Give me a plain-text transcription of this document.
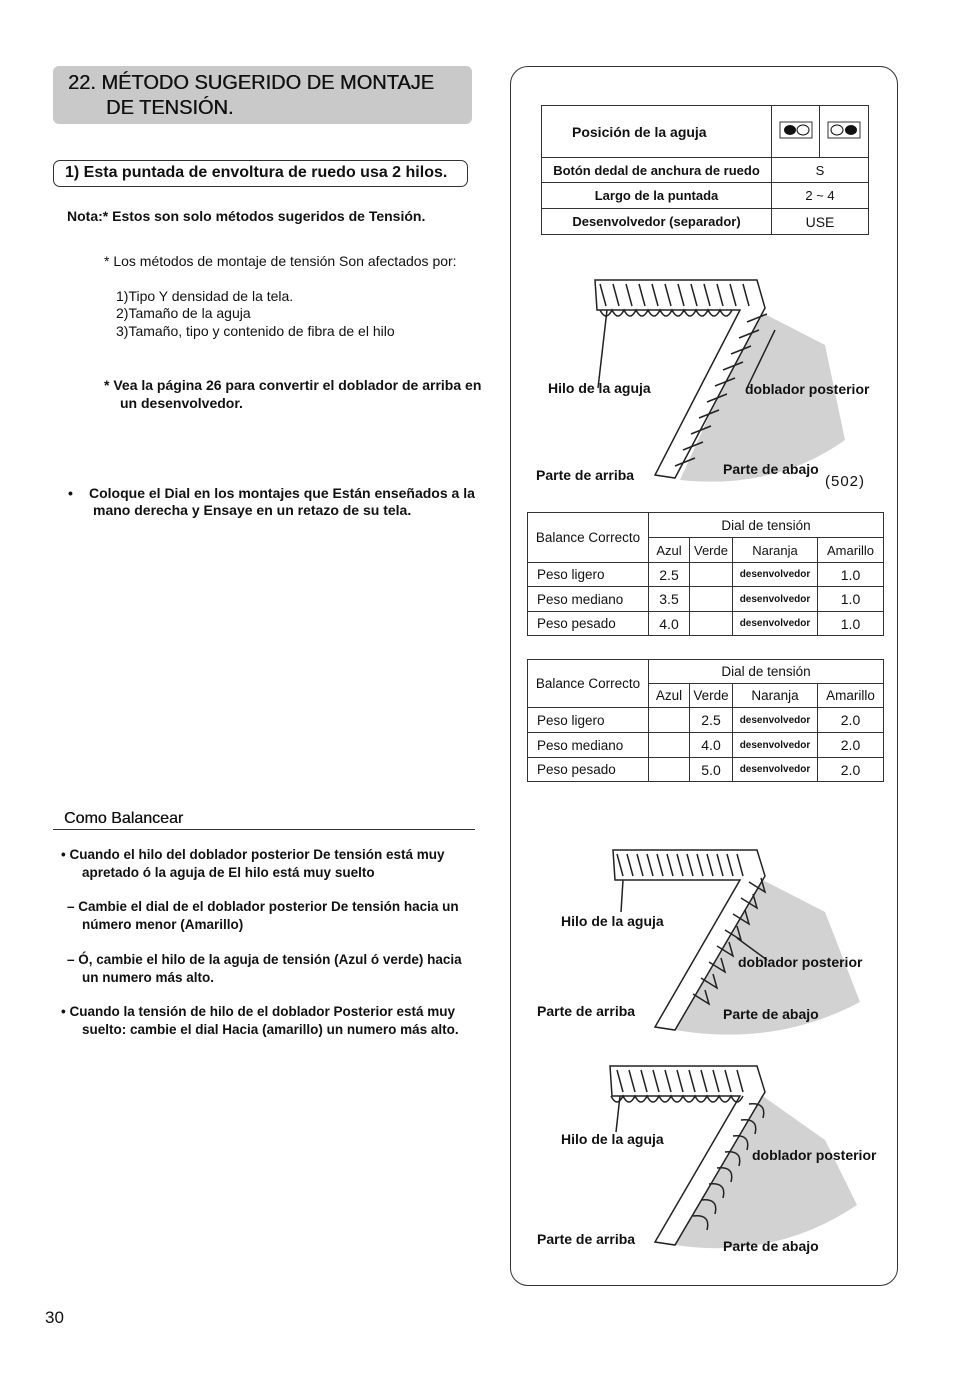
22. MÉTODO SUGERIDO DE MONTAJE
DE TENSIÓN.
1) Esta puntada de envoltura de ruedo usa 2 hilos.
Nota:* Estos son solo métodos sugeridos de Tensión.
* Los métodos de montaje de tensión Son afectados por:
1)Tipo Y densidad de la tela.
2)Tamaño de la aguja
3)Tamaño, tipo y contenido de fibra de el hilo
* Vea la página 26 para convertir el doblador de arriba en
un desenvolvedor.
• Coloque el Dial en los montajes que Están enseñados a la
mano derecha y Ensaye en un retazo de su tela.
Como Balancear
• Cuando el hilo del doblador posterior De tensión está muy
apretado ó la aguja de El hilo está muy suelto
– Cambie el dial de el doblador posterior De tensión hacia un
número menor (Amarillo)
– Ó, cambie el hilo de la aguja de tensión (Azul ó verde) hacia
un numero más alto.
• Cuando la tensión de hilo de el doblador Posterior está muy
suelto: cambie el dial Hacia (amarillo) un numero más alto.
30
Posición de la aguja		
Botón dedal de anchura de ruedo	S	
Largo de la puntada	2 ~ 4	
Desenvolvedor (separador)	USE	
Hilo de la aguja	doblador posterior
Parte de arriba	Parte de abajo
(502)
Balance Correcto	Dial de tensión			
	Azul	Verde	Naranja	Amarillo
Peso ligero	2.5		desenvolvedor	1.0
Peso mediano	3.5		desenvolvedor	1.0
Peso pesado	4.0		desenvolvedor	1.0
Balance Correcto	Dial de tensión			
	Azul	Verde	Naranja	Amarillo
Peso ligero		2.5	desenvolvedor	2.0
Peso mediano		4.0	desenvolvedor	2.0
Peso pesado		5.0	desenvolvedor	2.0
Hilo de la aguja
doblador posterior
Parte de arriba	Parte de abajo
Hilo de la aguja
doblador posterior
Parte de arriba	Parte de abajo
